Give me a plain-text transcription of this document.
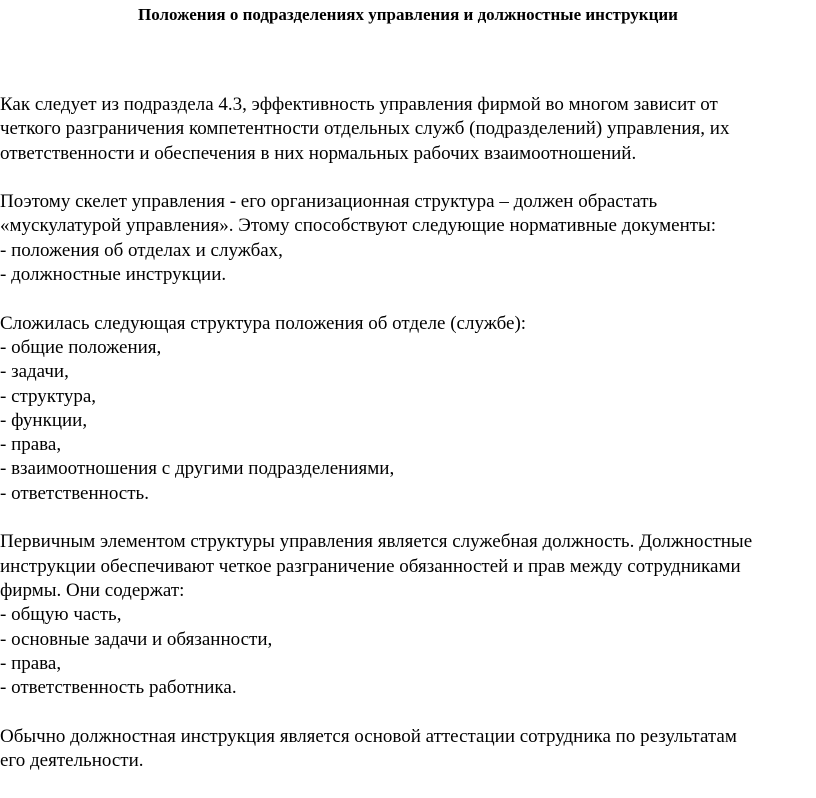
Положения о подразделениях управления и должностные инструкции

Как следует из подраздела 4.3, эффективность управления фирмой во многом зависит от
четкого разграничения компетентности отдельных служб (подразделений) управления, их
ответственности и обеспечения в них нормальных рабочих взаимоотношений.

Поэтому скелет управления - его организационная структура – должен обрастать
«мускулатурой управления». Этому способствуют следующие нормативные документы:
- положения об отделах и службах,
- должностные инструкции.

Сложилась следующая структура положения об отделе (службе):
- общие положения,
- задачи,
- структура,
- функции,
- права,
- взаимоотношения с другими подразделениями,
- ответственность.

Первичным элементом структуры управления является служебная должность. Должностные
инструкции обеспечивают четкое разграничение обязанностей и прав между сотрудниками
фирмы. Они содержат:
- общую часть,
- основные задачи и обязанности,
- права,
- ответственность работника.

Обычно должностная инструкция является основой аттестации сотрудника по результатам
его деятельности.
